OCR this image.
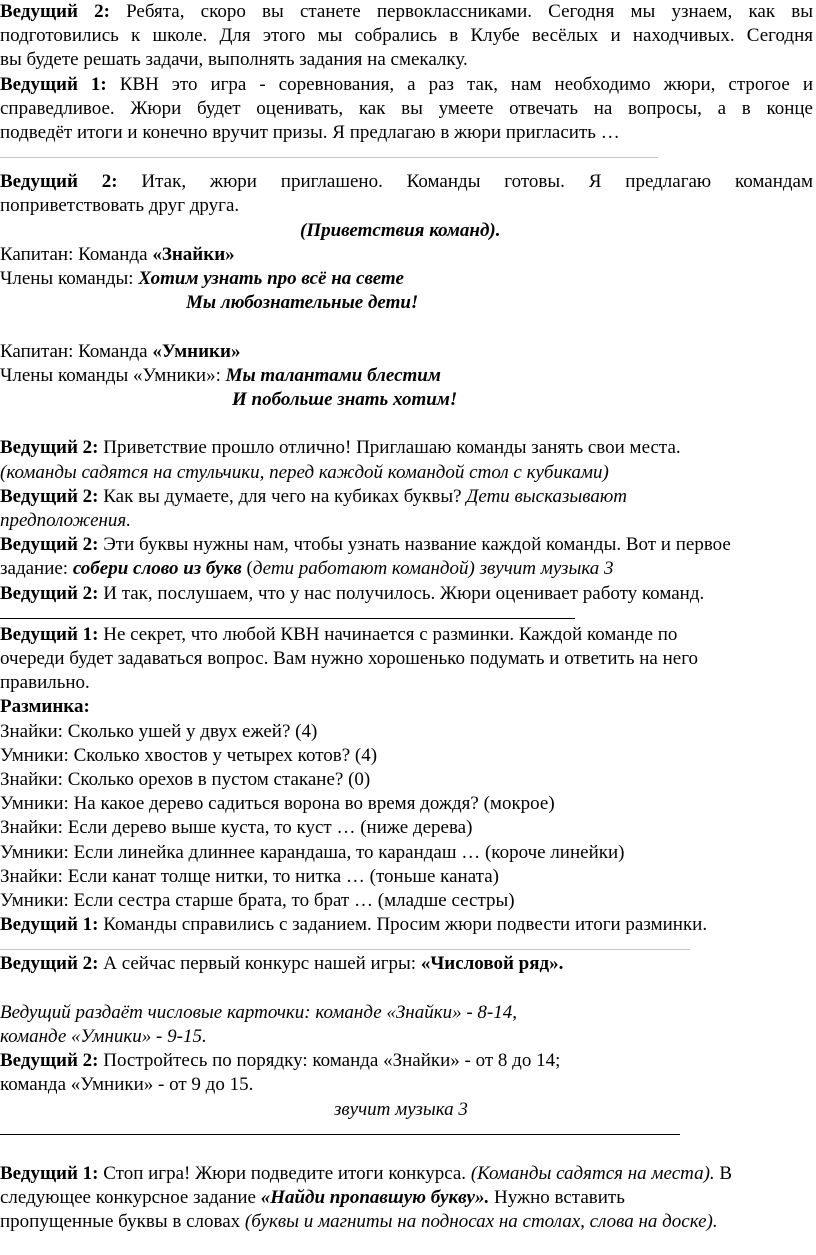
Ведущий 2: Ребята, скоро вы станете первоклассниками. Сегодня мы узнаем, как вы
подготовились к школе. Для этого мы собрались в Клубе весёлых и находчивых. Сегодня
вы будете решать задачи, выполнять задания на смекалку.
Ведущий 1: КВН это игра - соревнования, а раз так, нам необходимо жюри, строгое и
справедливое. Жюри будет оценивать, как вы умеете отвечать на вопросы, а в конце
подведёт итоги и конечно вручит призы. Я предлагаю в жюри пригласить …
Ведущий 2: Итак, жюри приглашено. Команды готовы. Я предлагаю командам
поприветствовать друг друга.
(Приветствия команд).
Капитан: Команда «Знайки»
Члены команды: Хотим узнать про всё на свете
Мы любознательные дети!
Капитан: Команда «Умники»
Члены команды «Умники»: Мы талантами блестим
И побольше знать хотим!
Ведущий 2: Приветствие прошло отлично! Приглашаю команды занять свои места.
(команды садятся на стульчики, перед каждой командой стол с кубиками)
Ведущий 2: Как вы думаете, для чего на кубиках буквы? Дети высказывают
предположения.
Ведущий 2: Эти буквы нужны нам, чтобы узнать название каждой команды. Вот и первое
задание: собери слово из букв (дети работают командой) звучит музыка 3
Ведущий 2: И так, послушаем, что у нас получилось. Жюри оценивает работу команд.
Ведущий 1: Не секрет, что любой КВН начинается с разминки. Каждой команде по
очереди будет задаваться вопрос. Вам нужно хорошенько подумать и ответить на него
правильно.
Разминка:
Знайки: Сколько ушей у двух ежей? (4)
Умники: Сколько хвостов у четырех котов? (4)
Знайки: Сколько орехов в пустом стакане? (0)
Умники: На какое дерево садиться ворона во время дождя? (мокрое)
Знайки: Если дерево выше куста, то куст … (ниже дерева)
Умники: Если линейка длиннее карандаша, то карандаш … (короче линейки)
Знайки: Если канат толще нитки, то нитка … (тоньше каната)
Умники: Если сестра старше брата, то брат … (младше сестры)
Ведущий 1: Команды справились с заданием. Просим жюри подвести итоги разминки.
Ведущий 2: А сейчас первый конкурс нашей игры: «Числовой ряд».
Ведущий раздаёт числовые карточки: команде «Знайки» - 8-14,
команде «Умники» - 9-15.
Ведущий 2: Постройтесь по порядку: команда «Знайки» - от 8 до 14;
команда «Умники» - от 9 до 15.
звучит музыка 3
Ведущий 1: Стоп игра! Жюри подведите итоги конкурса. (Команды садятся на места). В
следующее конкурсное задание «Найди пропавшую букву». Нужно вставить
пропущенные буквы в словах (буквы и магниты на подносах на столах, слова на доске).
